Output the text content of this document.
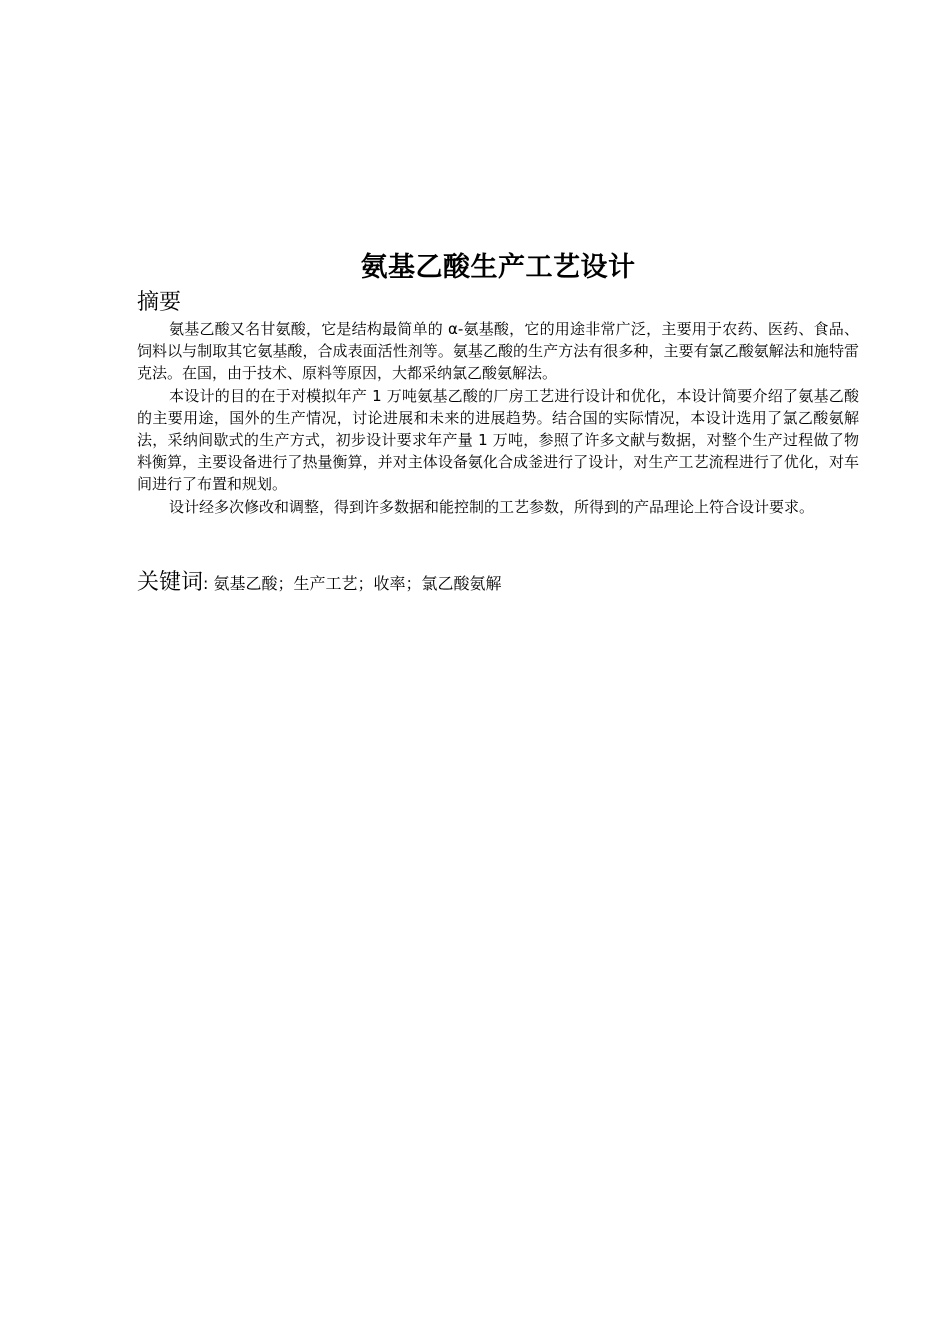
氨基乙酸生产工艺设计
摘要

氨基乙酸又名甘氨酸，它是结构最简单的 α-氨基酸，它的用途非常广泛，主要用于农药、医药、食品、饲料以与制取其它氨基酸，合成表面活性剂等。氨基乙酸的生产方法有很多种，主要有氯乙酸氨解法和施特雷克法。在国，由于技术、原料等原因，大都采纳氯乙酸氨解法。

本设计的目的在于对模拟年产 1 万吨氨基乙酸的厂房工艺进行设计和优化，本设计简要介绍了氨基乙酸的主要用途，国外的生产情况，讨论进展和未来的进展趋势。结合国的实际情况，本设计选用了氯乙酸氨解法，采纳间歇式的生产方式，初步设计要求年产量 1 万吨，参照了许多文献与数据，对整个生产过程做了物料衡算，主要设备进行了热量衡算，并对主体设备氨化合成釜进行了设计，对生产工艺流程进行了优化，对车间进行了布置和规划。

设计经多次修改和调整，得到许多数据和能控制的工艺参数，所得到的产品理论上符合设计要求。

关键词: 氨基乙酸；生产工艺；收率；氯乙酸氨解
